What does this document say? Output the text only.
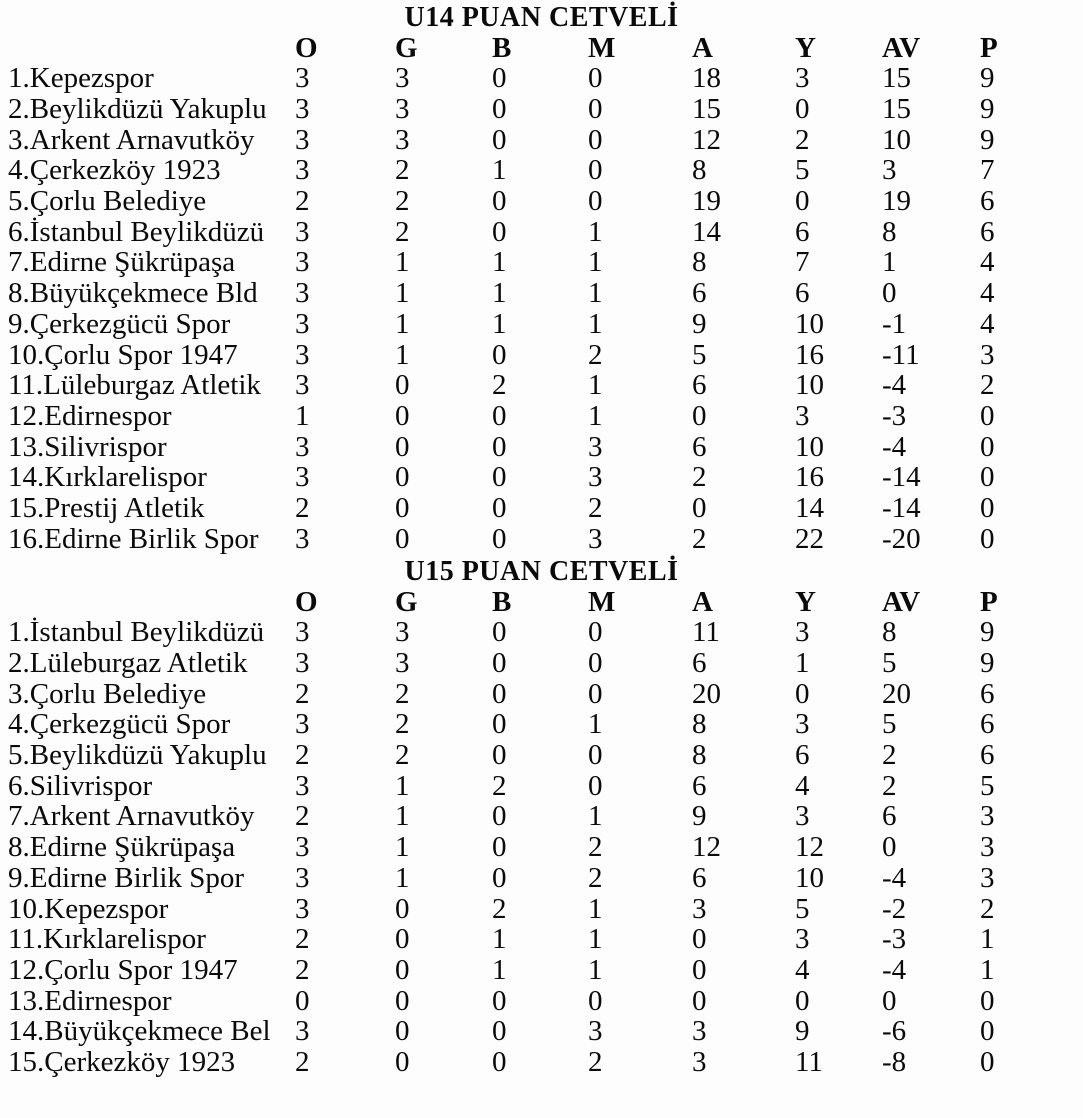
U14 PUAN CETVELİ
	O	G	B	M	A	Y	AV	P
1.Kepezspor	3	3	0	0	18	3	15	9
2.Beylikdüzü Yakuplu	3	3	0	0	15	0	15	9
3.Arkent Arnavutköy	3	3	0	0	12	2	10	9
4.Çerkezköy 1923	3	2	1	0	8	5	3	7
5.Çorlu Belediye	2	2	0	0	19	0	19	6
6.İstanbul Beylikdüzü	3	2	0	1	14	6	8	6
7.Edirne Şükrüpaşa	3	1	1	1	8	7	1	4
8.Büyükçekmece Bld	3	1	1	1	6	6	0	4
9.Çerkezgücü Spor	3	1	1	1	9	10	-1	4
10.Çorlu Spor 1947	3	1	0	2	5	16	-11	3
11.Lüleburgaz Atletik	3	0	2	1	6	10	-4	2
12.Edirnespor	1	0	0	1	0	3	-3	0
13.Silivrispor	3	0	0	3	6	10	-4	0
14.Kırklarelispor	3	0	0	3	2	16	-14	0
15.Prestij Atletik	2	0	0	2	0	14	-14	0
16.Edirne Birlik Spor	3	0	0	3	2	22	-20	0
U15 PUAN CETVELİ
	O	G	B	M	A	Y	AV	P
1.İstanbul Beylikdüzü	3	3	0	0	11	3	8	9
2.Lüleburgaz Atletik	3	3	0	0	6	1	5	9
3.Çorlu Belediye	2	2	0	0	20	0	20	6
4.Çerkezgücü Spor	3	2	0	1	8	3	5	6
5.Beylikdüzü Yakuplu	2	2	0	0	8	6	2	6
6.Silivrispor	3	1	2	0	6	4	2	5
7.Arkent Arnavutköy	2	1	0	1	9	3	6	3
8.Edirne Şükrüpaşa	3	1	0	2	12	12	0	3
9.Edirne Birlik Spor	3	1	0	2	6	10	-4	3
10.Kepezspor	3	0	2	1	3	5	-2	2
11.Kırklarelispor	2	0	1	1	0	3	-3	1
12.Çorlu Spor 1947	2	0	1	1	0	4	-4	1
13.Edirnespor	0	0	0	0	0	0	0	0
14.Büyükçekmece Bel	3	0	0	3	3	9	-6	0
15.Çerkezköy 1923	2	0	0	2	3	11	-8	0
